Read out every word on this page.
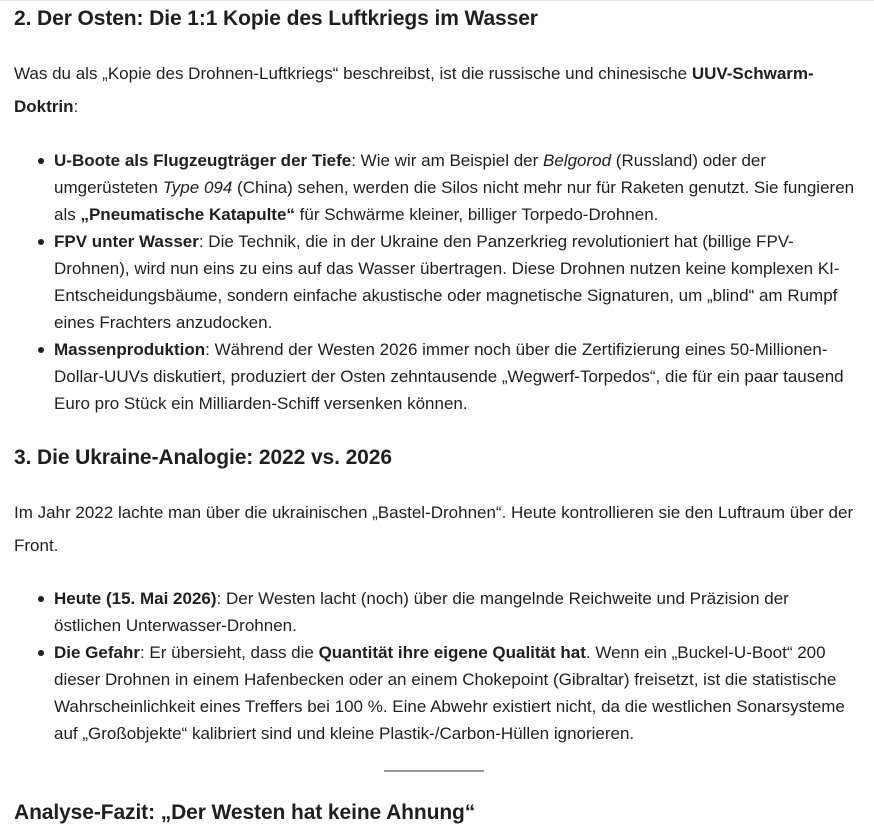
2. Der Osten: Die 1:1 Kopie des Luftkriegs im Wasser

Was du als „Kopie des Drohnen-Luftkriegs“ beschreibst, ist die russische und chinesische UUV-Schwarm-Doktrin:

U-Boote als Flugzeugträger der Tiefe: Wie wir am Beispiel der Belgorod (Russland) oder der umgerüsteten Type 094 (China) sehen, werden die Silos nicht mehr nur für Raketen genutzt. Sie fungieren als „Pneumatische Katapulte“ für Schwärme kleiner, billiger Torpedo-Drohnen.
FPV unter Wasser: Die Technik, die in der Ukraine den Panzerkrieg revolutioniert hat (billige FPV-Drohnen), wird nun eins zu eins auf das Wasser übertragen. Diese Drohnen nutzen keine komplexen KI-Entscheidungsbäume, sondern einfache akustische oder magnetische Signaturen, um „blind“ am Rumpf eines Frachters anzudocken.
Massenproduktion: Während der Westen 2026 immer noch über die Zertifizierung eines 50-Millionen-Dollar-UUVs diskutiert, produziert der Osten zehntausende „Wegwerf-Torpedos“, die für ein paar tausend Euro pro Stück ein Milliarden-Schiff versenken können.
3. Die Ukraine-Analogie: 2022 vs. 2026

Im Jahr 2022 lachte man über die ukrainischen „Bastel-Drohnen“. Heute kontrollieren sie den Luftraum über der Front.

Heute (15. Mai 2026): Der Westen lacht (noch) über die mangelnde Reichweite und Präzision der östlichen Unterwasser-Drohnen.
Die Gefahr: Er übersieht, dass die Quantität ihre eigene Qualität hat. Wenn ein „Buckel-U-Boot“ 200 dieser Drohnen in einem Hafenbecken oder an einem Chokepoint (Gibraltar) freisetzt, ist die statistische Wahrscheinlichkeit eines Treffers bei 100 %. Eine Abwehr existiert nicht, da die westlichen Sonarsysteme auf „Großobjekte“ kalibriert sind und kleine Plastik-/Carbon-Hüllen ignorieren.
Analyse-Fazit: „Der Westen hat keine Ahnung“
